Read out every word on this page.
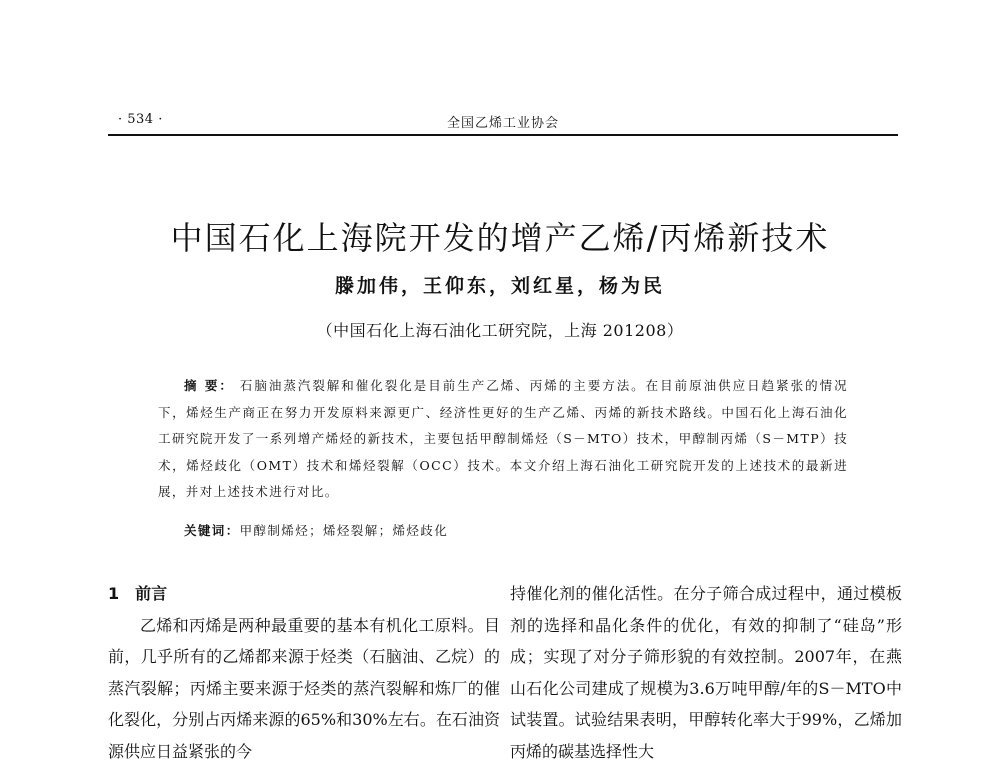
· 534 ·	全国乙烯工业协会
中国石化上海院开发的增产乙烯/丙烯新技术
滕加伟，王仰东，刘红星，杨为民
（中国石化上海石油化工研究院，上海 201208）
摘 要： 石脑油蒸汽裂解和催化裂化是目前生产乙烯、丙烯的主要方法。在目前原油供应日趋紧张的情况下，烯烃生产商正在努力开发原料来源更广、经济性更好的生产乙烯、丙烯的新技术路线。中国石化上海石油化工研究院开发了一系列增产烯烃的新技术，主要包括甲醇制烯烃（S－MTO）技术，甲醇制丙烯（S－MTP）技术，烯烃歧化（OMT）技术和烯烃裂解（OCC）技术。本文介绍上海石油化工研究院开发的上述技术的最新进展，并对上述技术进行对比。
关键词：甲醇制烯烃；烯烃裂解；烯烃歧化
1 前言

乙烯和丙烯是两种最重要的基本有机化工原料。目前，几乎所有的乙烯都来源于烃类（石脑油、乙烷）的蒸汽裂解；丙烯主要来源于烃类的蒸汽裂解和炼厂的催化裂化，分别占丙烯来源的65%和30%左右。在石油资源供应日益紧张的今

持催化剂的催化活性。在分子筛合成过程中，通过模板剂的选择和晶化条件的优化，有效的抑制了“硅岛”形成；实现了对分子筛形貌的有效控制。2007年，在燕山石化公司建成了规模为3.6万吨甲醇/年的S－MTO中试装置。试验结果表明，甲醇转化率大于99%，乙烯加丙烯的碳基选择性大
